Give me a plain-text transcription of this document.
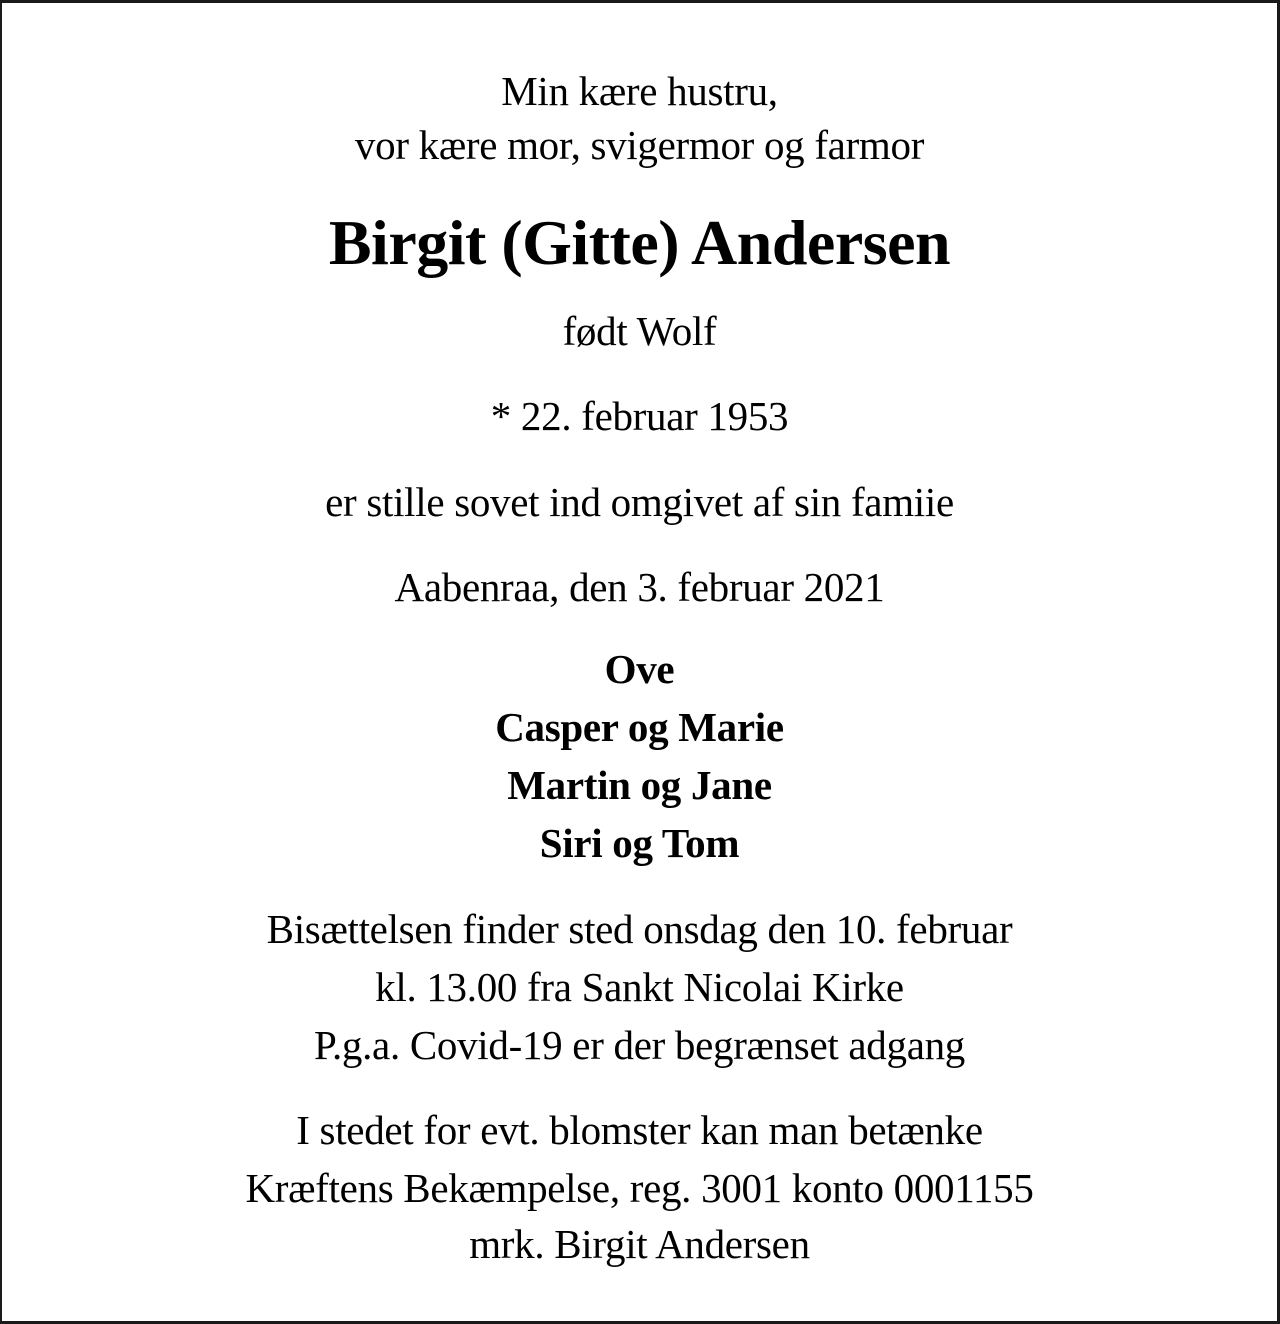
Min kære hustru,
vor kære mor, svigermor og farmor
Birgit (Gitte) Andersen
født Wolf
* 22. februar 1953
er stille sovet ind omgivet af sin famiie
Aabenraa, den 3. februar 2021
Ove
Casper og Marie
Martin og Jane
Siri og Tom
Bisættelsen finder sted onsdag den 10. februar
kl. 13.00 fra Sankt Nicolai Kirke
P.g.a. Covid-19 er der begrænset adgang
I stedet for evt. blomster kan man betænke
Kræftens Bekæmpelse, reg. 3001 konto 0001155
mrk. Birgit Andersen
